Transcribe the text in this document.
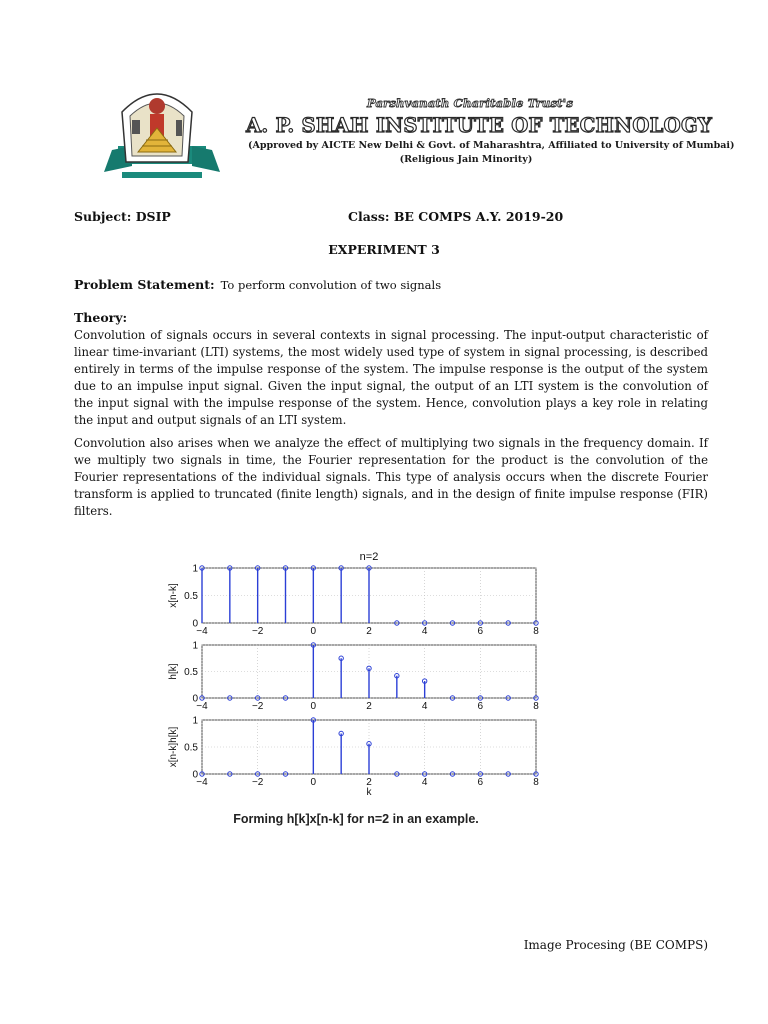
Parshvanath Charitable Trust's
A. P. SHAH INSTITUTE OF TECHNOLOGY
(Approved by AICTE New Delhi & Govt. of Maharashtra, Affiliated to University of Mumbai)
(Religious Jain Minority)
Subject: DSIP	Class: BE COMPS A.Y. 2019-20
EXPERIMENT 3
Problem Statement: To perform convolution of two signals
Theory:
Convolution of signals occurs in several contexts in signal processing. The input-output characteristic of linear time-invariant (LTI) systems, the most widely used type of system in signal processing, is described entirely in terms of the impulse response of the system. The impulse response is the output of the system due to an impulse input signal. Given the input signal, the output of an LTI system is the convolution of the input signal with the impulse response of the system. Hence, convolution plays a key role in relating the input and output signals of an LTI system.
Convolution also arises when we analyze the effect of multiplying two signals in the frequency domain. If we multiply two signals in time, the Fourier representation for the product is the convolution of the Fourier representations of the individual signals. This type of analysis occurs when the discrete Fourier transform is applied to truncated (finite length) signals, and in the design of finite impulse response (FIR) filters.
n=2
0
0.5
1
−4	−2	0	2	4	6	8
x[n-k]
0
0.5
1
−4	−2	0	2	4	6	8
h[k]
0
0.5
1
−4	−2	0	2	4	6	8
x[n-k]h[k]
k
Forming h[k]x[n-k] for n=2 in an example.
Image Procesing (BE COMPS)
